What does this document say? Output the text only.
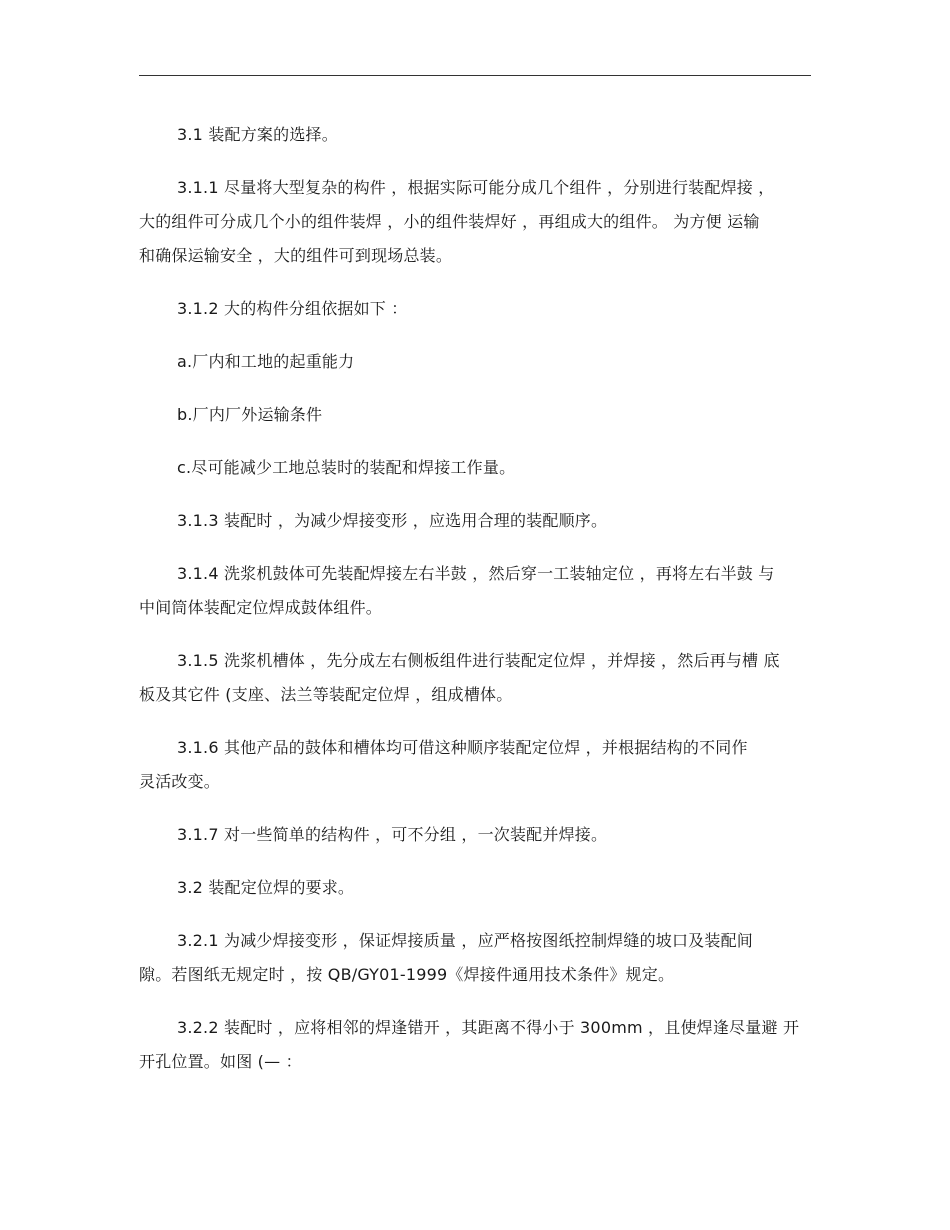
3.1 装配方案的选择。

3.1.1 尽量将大型复杂的构件 ，根据实际可能分成几个组件 ，分别进行装配焊接 ，
大的组件可分成几个小的组件装焊 ，小的组件装焊好 ，再组成大的组件。 为方便 运输
和确保运输安全 ，大的组件可到现场总装。

3.1.2 大的构件分组依据如下 ：

a.厂内和工地的起重能力

b.厂内厂外运输条件

c.尽可能减少工地总装时的装配和焊接工作量。

3.1.3 装配时 ，为减少焊接变形 ，应选用合理的装配顺序。

3.1.4 洗浆机鼓体可先装配焊接左右半鼓 ，然后穿一工装轴定位 ，再将左右半鼓 与
中间筒体装配定位焊成鼓体组件。

3.1.5 洗浆机槽体 ，先分成左右侧板组件进行装配定位焊 ，并焊接 ，然后再与槽 底
板及其它件 (支座、法兰等装配定位焊 ，组成槽体。

3.1.6 其他产品的鼓体和槽体均可借这种顺序装配定位焊 ，并根据结构的不同作
灵活改变。

3.1.7 对一些简单的结构件 ，可不分组 ，一次装配并焊接。

3.2 装配定位焊的要求。

3.2.1 为减少焊接变形 ，保证焊接质量 ，应严格按图纸控制焊缝的坡口及装配间
隙。若图纸无规定时 ，按 QB/GY01-1999《焊接件通用技术条件》规定。

3.2.2 装配时 ，应将相邻的焊逢错开 ，其距离不得小于 300mm ，且使焊逢尽量避 开
开孔位置。如图 (— ：
